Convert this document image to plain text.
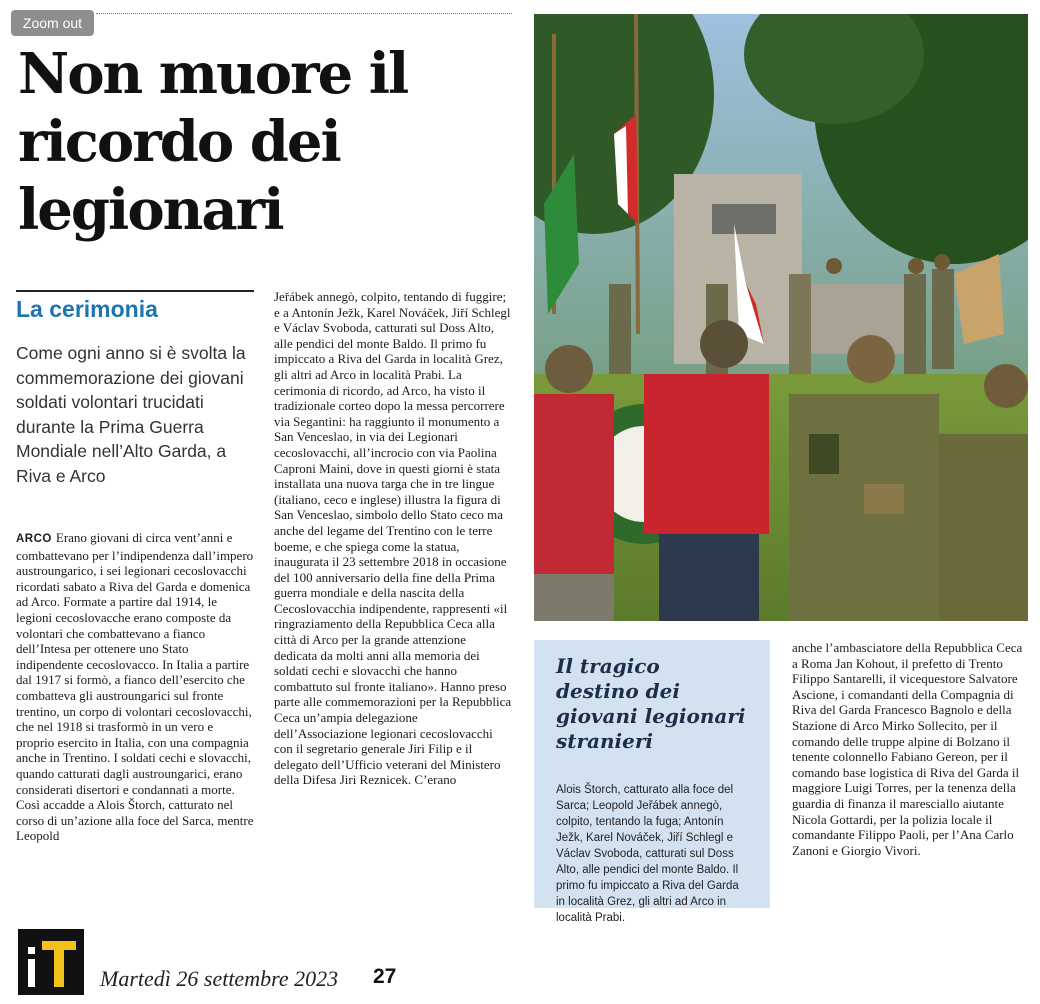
Zoom out
Non muore il ricordo dei legionari
La cerimonia

Come ogni anno si è svolta la commemorazione dei giovani soldati volontari trucidati durante la Prima Guerra Mondiale nell’Alto Garda, a Riva e Arco

ARCO Erano giovani di circa vent’anni e combattevano per l’indipendenza dall’impero austroungarico, i sei legionari cecoslovacchi ricordati sabato a Riva del Garda e domenica ad Arco. Formate a partire dal 1914, le legioni cecoslovacche erano composte da volontari che combattevano a fianco dell’Intesa per ottenere uno Stato indipendente cecoslovacco. In Italia a partire dal 1917 si formò, a fianco dell’esercito che combatteva gli austroungarici sul fronte trentino, un corpo di volontari cecoslovacchi, che nel 1918 si trasformò in un vero e proprio esercito in Italia, con una compagnia anche in Trentino. I soldati cechi e slovacchi, quando catturati dagli austroungarici, erano considerati disertori e condannati a morte. Così accadde a Alois Štorch, catturato nel corso di un’azione alla foce del Sarca, mentre Leopold

Jeřábek annegò, colpito, tentando di fuggire; e a Antonín Ježk, Karel Nováček, Jiří Schlegl e Václav Svoboda, catturati sul Doss Alto, alle pendici del monte Baldo. Il primo fu impiccato a Riva del Garda in località Grez, gli altri ad Arco in località Prabi. La cerimonia di ricordo, ad Arco, ha visto il tradizionale corteo dopo la messa percorrere via Segantini: ha raggiunto il monumento a San Venceslao, in via dei Legionari cecoslovacchi, all’incrocio con via Paolina Caproni Maini, dove in questi giorni è stata installata una nuova targa che in tre lingue (italiano, ceco e inglese) illustra la figura di San Venceslao, simbolo dello Stato ceco ma anche del legame del Trentino con le terre boeme, e che spiega come la statua, inaugurata il 23 settembre 2018 in occasione del 100 anniversario della fine della Prima guerra mondiale e della nascita della Cecoslovacchia indipendente, rappresenti «il ringraziamento della Repubblica Ceca alla città di Arco per la grande attenzione dedicata da molti anni alla memoria dei soldati cechi e slovacchi che hanno combattuto sul fronte italiano». Hanno preso parte alle commemorazioni per la Repubblica Ceca un’ampia delegazione dell’Associazione legionari cecoslovacchi con il segretario generale Jiri Filip e il delegato dell’Ufficio veterani del Ministero della Difesa Jiri Reznicek. C’erano

Il tragico destino dei giovani legionari stranieri

Alois Štorch, catturato alla foce del Sarca; Leopold Jeřábek annegò, colpito, tentando la fuga; Antonín Ježk, Karel Nováček, Jiří Schlegl e Václav Svoboda, catturati sul Doss Alto, alle pendici del monte Baldo. Il primo fu impiccato a Riva del Garda in località Grez, gli altri ad Arco in località Prabi.

anche l’ambasciatore della Repubblica Ceca a Roma Jan Kohout, il prefetto di Trento Filippo Santarelli, il vicequestore Salvatore Ascione, i comandanti della Compagnia di Riva del Garda Francesco Bagnolo e della Stazione di Arco Mirko Sollecito, per il comando delle truppe alpine di Bolzano il tenente colonnello Fabiano Gereon, per il comando base logistica di Riva del Garda il maggiore Luigi Torres, per la tenenza della guardia di finanza il maresciallo aiutante Nicola Gottardi, per la polizia locale il comandante Filippo Paoli, per l’Ana Carlo Zanoni e Giorgio Vivori.

Martedì 26 settembre 2023 27
